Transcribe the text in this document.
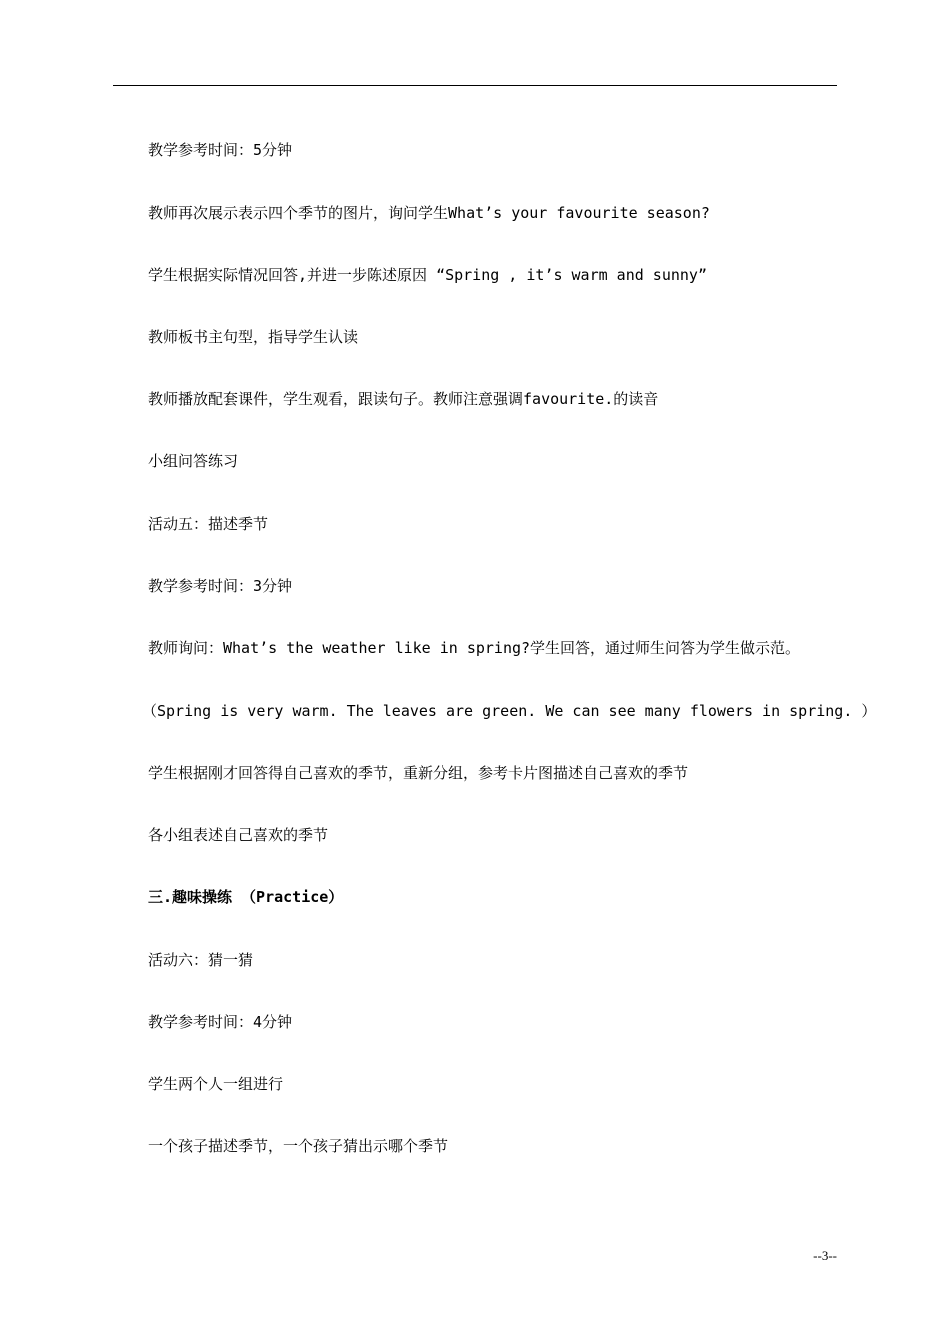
教学参考时间：5分钟
教师再次展示表示四个季节的图片，询问学生What’s your favourite season?
学生根据实际情况回答,并进一步陈述原因 “Spring , it’s warm and sunny”
教师板书主句型，指导学生认读
教师播放配套课件，学生观看，跟读句子。教师注意强调favourite.的读音
小组问答练习
活动五：描述季节
教学参考时间：3分钟
教师询问：What’s the weather like in spring?学生回答，通过师生问答为学生做示范。
（Spring is very warm. The leaves are green. We can see many flowers in spring. ）
学生根据刚才回答得自己喜欢的季节，重新分组，参考卡片图描述自己喜欢的季节
各小组表述自己喜欢的季节
三.趣味操练 （Practice）
活动六：猜一猜
教学参考时间：4分钟
学生两个人一组进行
一个孩子描述季节，一个孩子猜出示哪个季节
--3--
